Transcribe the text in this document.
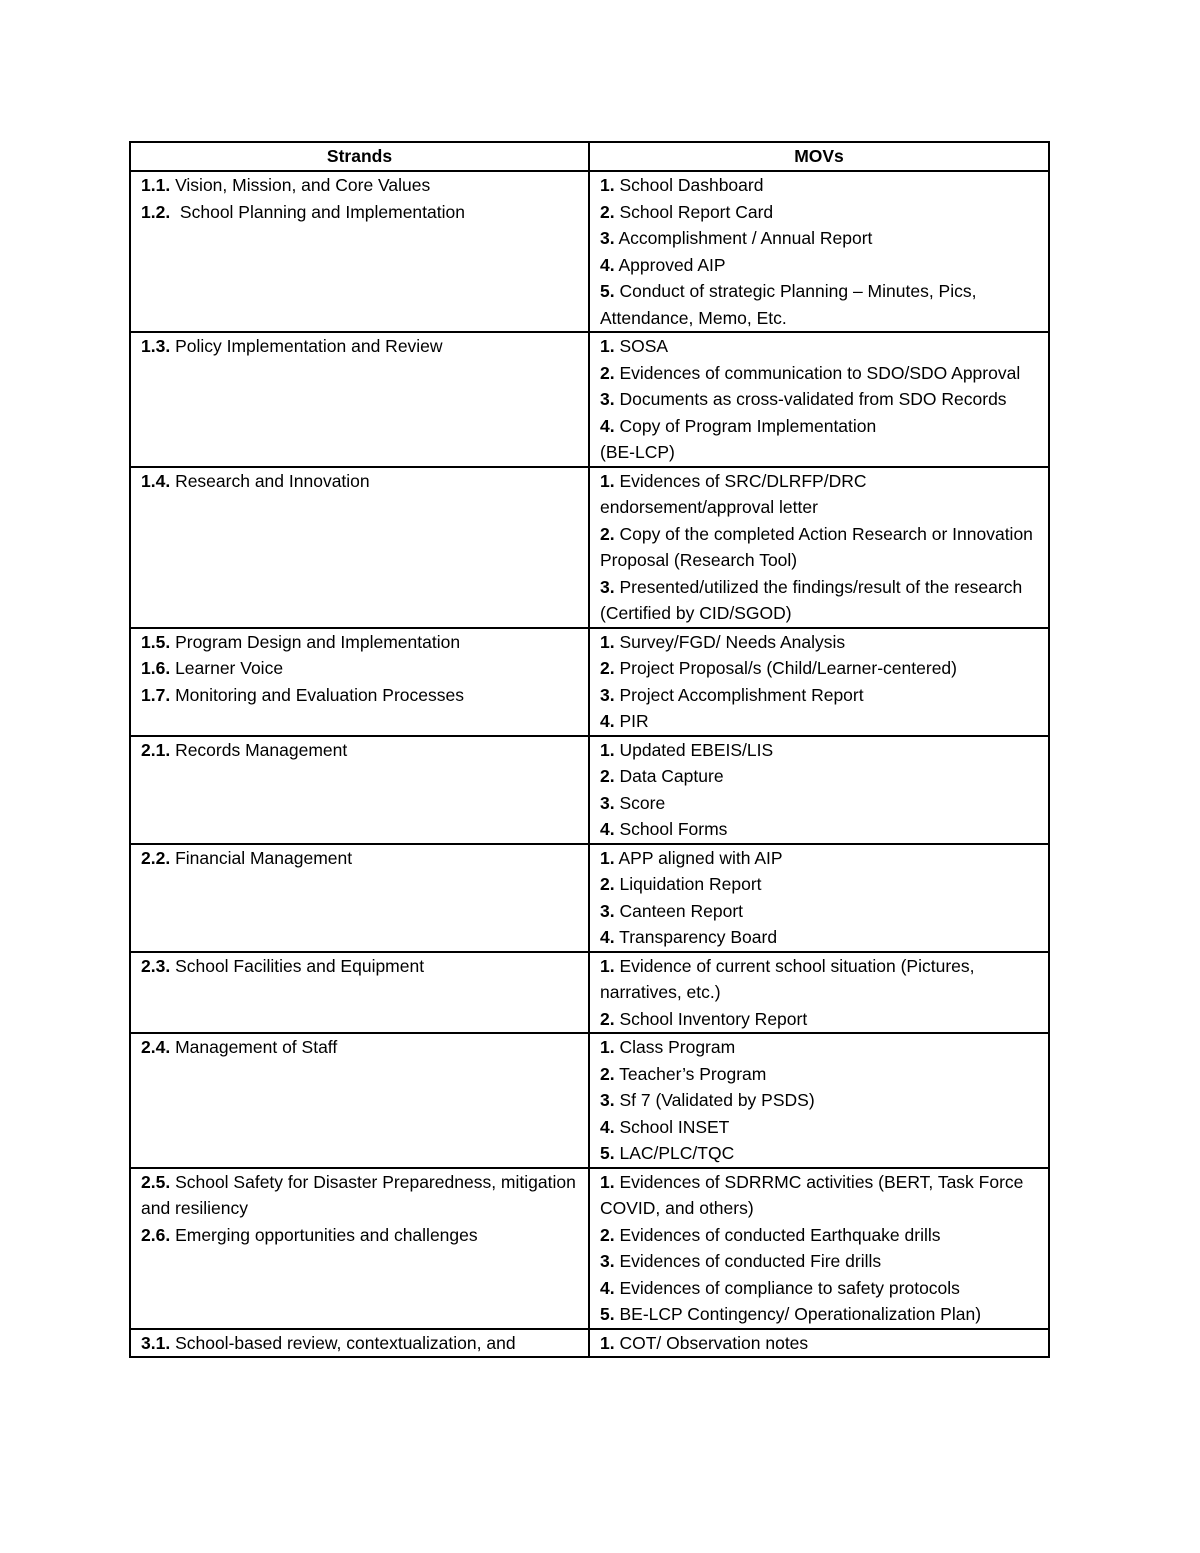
Strands	MOVs

1.1. Vision, Mission, and Core Values
1.2.  School Planning and Implementation	1. School Dashboard
2. School Report Card
3. Accomplishment / Annual Report
4. Approved AIP
5. Conduct of strategic Planning – Minutes, Pics, Attendance, Memo, Etc.

1.3. Policy Implementation and Review	1. SOSA
2. Evidences of communication to SDO/SDO Approval
3. Documents as cross-validated from SDO Records
4. Copy of Program Implementation
(BE-LCP)

1.4. Research and Innovation	1. Evidences of SRC/DLRFP/DRC endorsement/approval letter
2. Copy of the completed Action Research or Innovation Proposal (Research Tool)
3. Presented/utilized the findings/result of the research (Certified by CID/SGOD)

1.5. Program Design and Implementation
1.6. Learner Voice
1.7. Monitoring and Evaluation Processes	1. Survey/FGD/ Needs Analysis
2. Project Proposal/s (Child/Learner-centered)
3. Project Accomplishment Report
4. PIR

2.1. Records Management	1. Updated EBEIS/LIS
2. Data Capture
3. Score
4. School Forms

2.2. Financial Management	1. APP aligned with AIP
2. Liquidation Report
3. Canteen Report
4. Transparency Board

2.3. School Facilities and Equipment	1. Evidence of current school situation (Pictures, narratives, etc.)
2. School Inventory Report

2.4. Management of Staff	1. Class Program
2. Teacher’s Program
3. Sf 7 (Validated by PSDS)
4. School INSET
5. LAC/PLC/TQC

2.5. School Safety for Disaster Preparedness, mitigation and resiliency
2.6. Emerging opportunities and challenges	1. Evidences of SDRRMC activities (BERT, Task Force COVID, and others)
2. Evidences of conducted Earthquake drills
3. Evidences of conducted Fire drills
4. Evidences of compliance to safety protocols
5. BE-LCP Contingency/ Operationalization Plan)

3.1. School-based review, contextualization, and	1. COT/ Observation notes
